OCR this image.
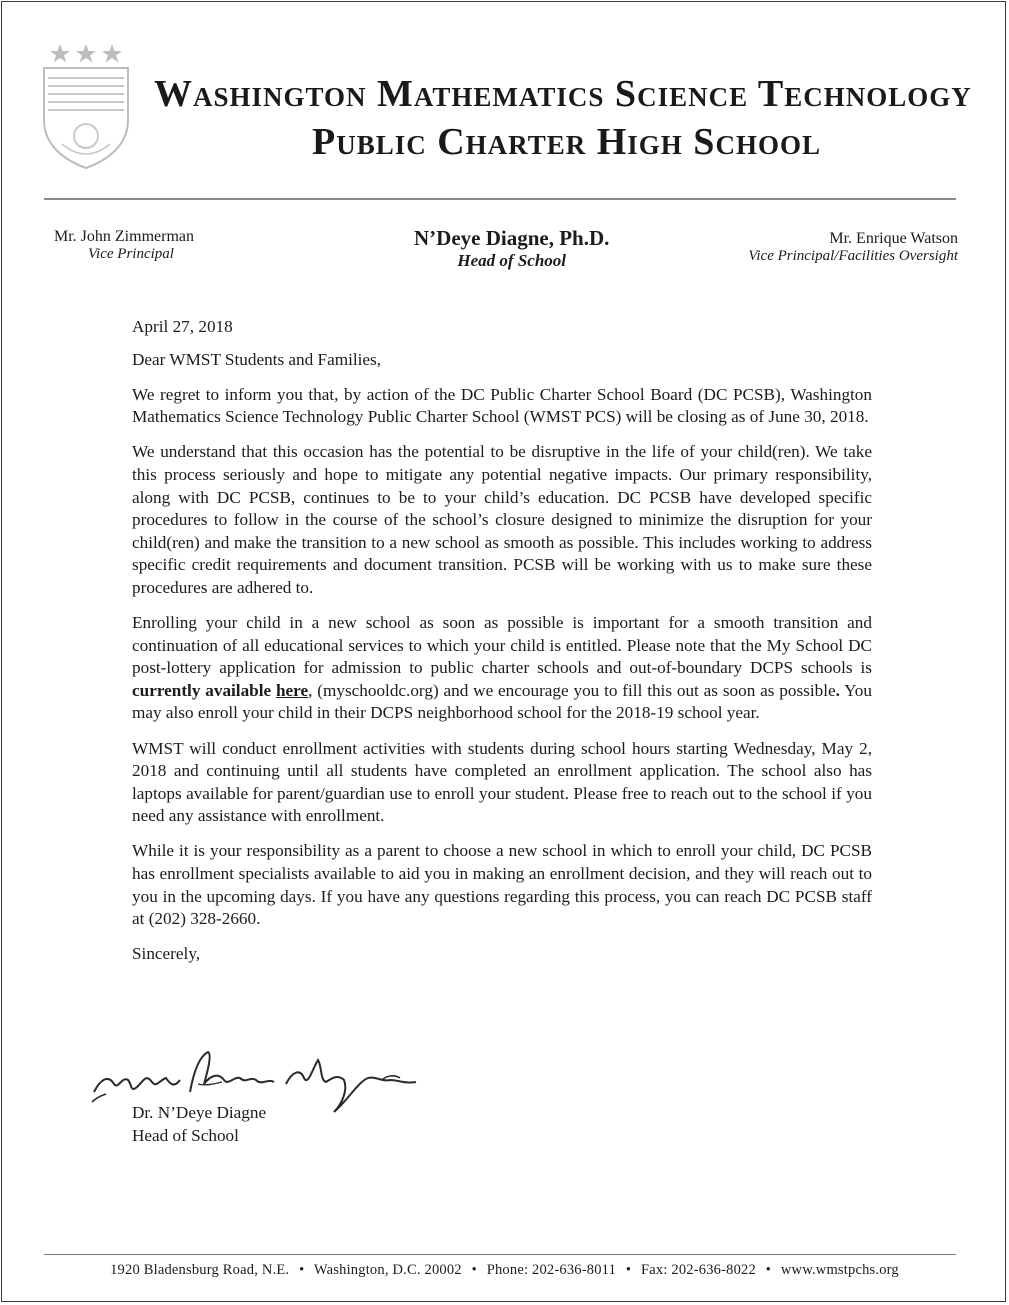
Washington Mathematics Science Technology
Public Charter High School
Mr. John Zimmerman
Vice Principal
N’Deye Diagne, Ph.D.
Head of School
Mr. Enrique Watson
Vice Principal/Facilities Oversight

April 27, 2018

Dear WMST Students and Families,

We regret to inform you that, by action of the DC Public Charter School Board (DC PCSB), Washington Mathematics Science Technology Public Charter School (WMST PCS) will be closing as of June 30, 2018.

We understand that this occasion has the potential to be disruptive in the life of your child(ren). We take this process seriously and hope to mitigate any potential negative impacts. Our primary responsibility, along with DC PCSB, continues to be to your child’s education. DC PCSB have developed specific procedures to follow in the course of the school’s closure designed to minimize the disruption for your child(ren) and make the transition to a new school as smooth as possible. This includes working to address specific credit requirements and document transition. PCSB will be working with us to make sure these procedures are adhered to.

Enrolling your child in a new school as soon as possible is important for a smooth transition and continuation of all educational services to which your child is entitled. Please note that the My School DC post-lottery application for admission to public charter schools and out-of-boundary DCPS schools is currently available here, (myschooldc.org) and we encourage you to fill this out as soon as possible. You may also enroll your child in their DCPS neighborhood school for the 2018-19 school year.

WMST will conduct enrollment activities with students during school hours starting Wednesday, May 2, 2018 and continuing until all students have completed an enrollment application. The school also has laptops available for parent/guardian use to enroll your student. Please free to reach out to the school if you need any assistance with enrollment.

While it is your responsibility as a parent to choose a new school in which to enroll your child, DC PCSB has enrollment specialists available to aid you in making an enrollment decision, and they will reach out to you in the upcoming days. If you have any questions regarding this process, you can reach DC PCSB staff at (202) 328-2660.

Sincerely,

Dr. N’Deye Diagne
Head of School
1920 Bladensburg Road, N.E. • Washington, D.C. 20002 • Phone: 202-636-8011 • Fax: 202-636-8022 • www.wmstpchs.org
